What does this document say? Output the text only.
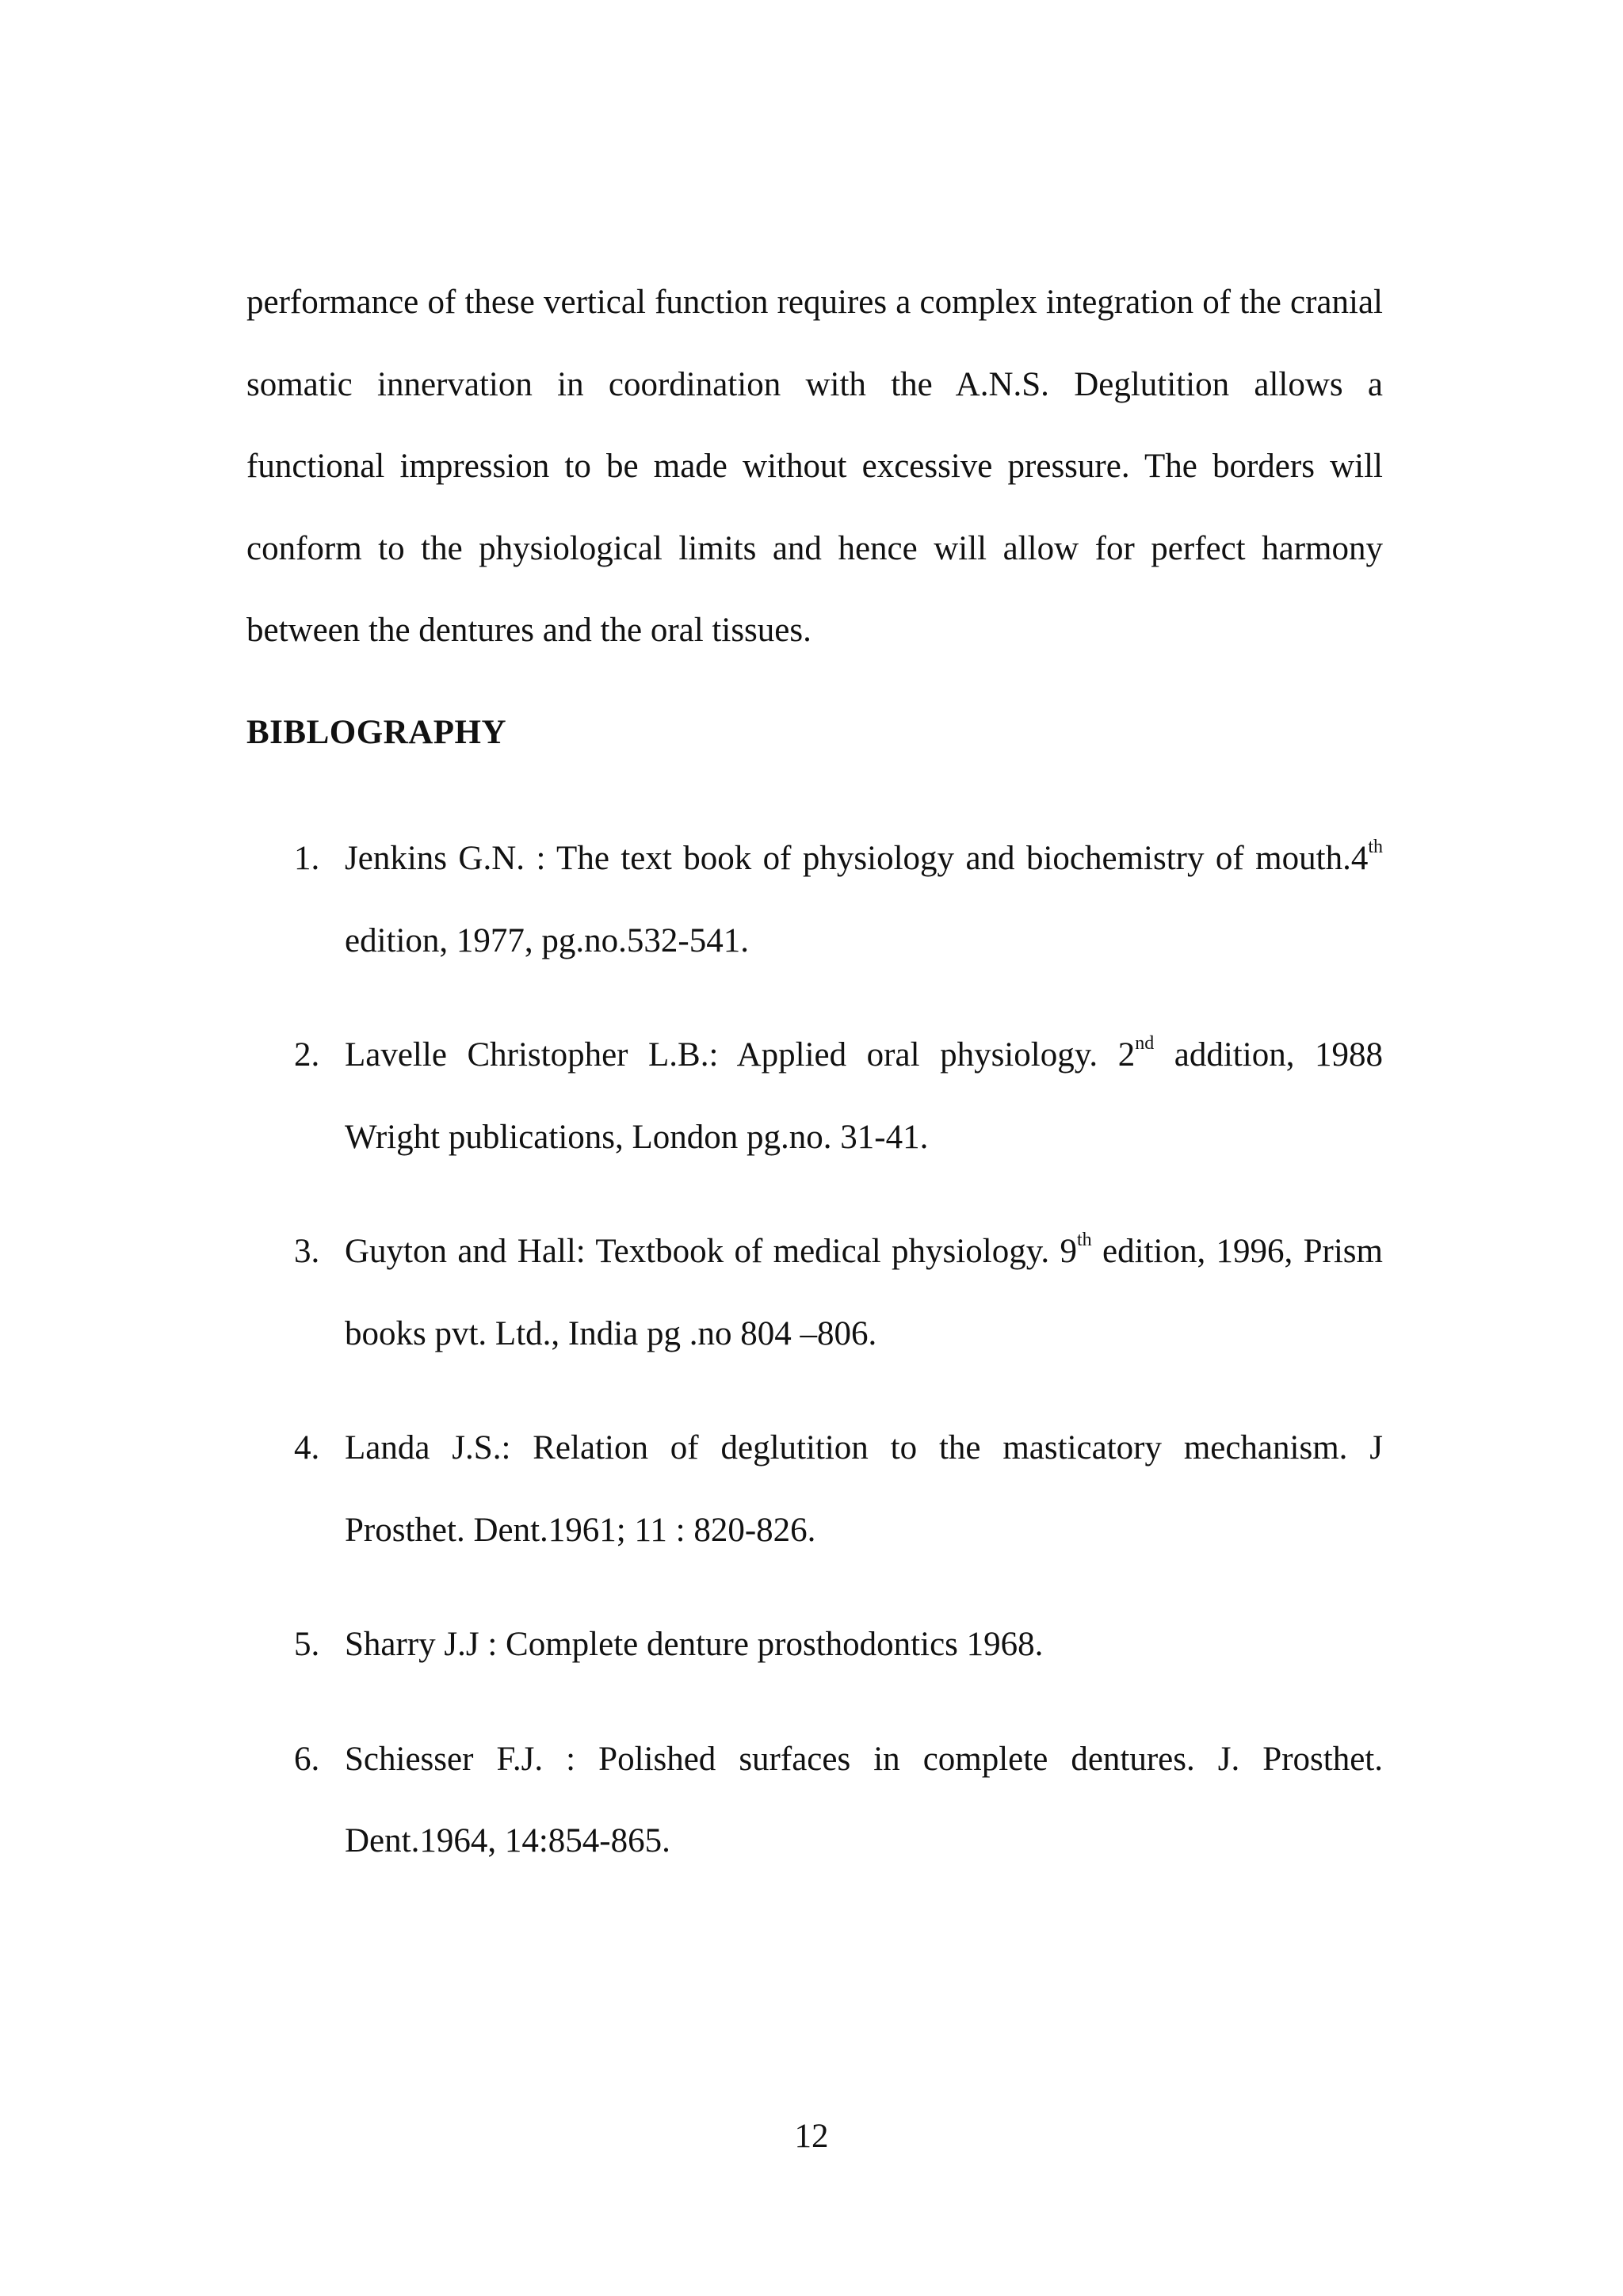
performance of these vertical function requires a complex integration of the cranial somatic innervation in coordination with the A.N.S. Deglutition allows a functional impression to be made without excessive pressure. The borders will conform to the physiological limits and hence will allow for perfect harmony between the dentures and the oral tissues.

BIBLOGRAPHY
1. Jenkins G.N. : The text book of physiology and biochemistry of mouth.4th edition, 1977, pg.no.532-541.
2. Lavelle Christopher L.B.: Applied oral physiology. 2nd addition, 1988 Wright publications, London pg.no. 31-41.
3. Guyton and Hall: Textbook of medical physiology. 9th edition, 1996, Prism books pvt. Ltd., India pg .no 804 –806.
4. Landa J.S.: Relation of deglutition to the masticatory mechanism. J Prosthet. Dent.1961; 11 : 820-826.
5. Sharry J.J : Complete denture prosthodontics 1968.
6. Schiesser F.J. : Polished surfaces in complete dentures. J. Prosthet. Dent.1964, 14:854-865.
12
